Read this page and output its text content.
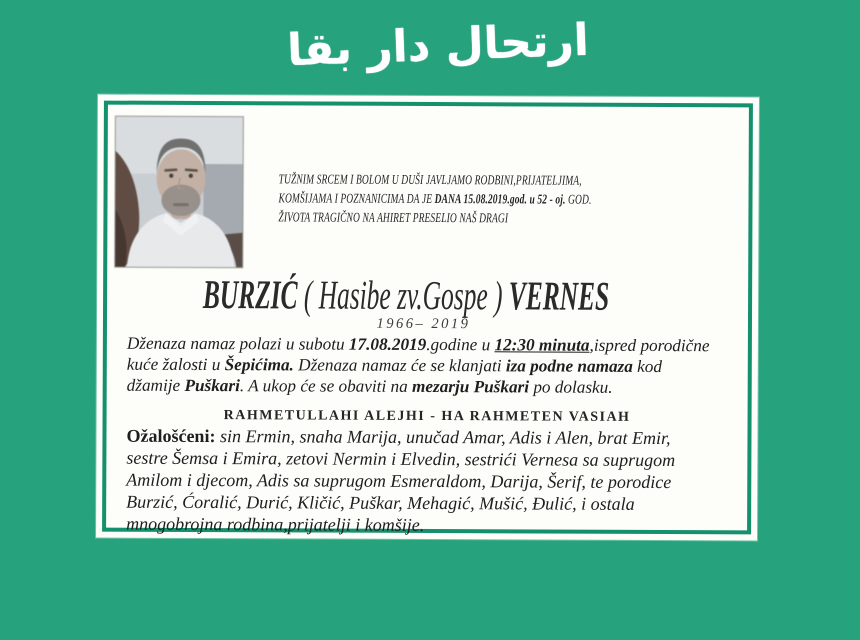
ارتحال دار بقا

TUŽNIM SRCEM I BOLOM U DUŠI JAVLJAMO RODBINI,PRIJATELJIMA,
KOMŠIJAMA I POZNANICIMA DA JE DANA 15.08.2019.god. u 52 - oj. GOD.
ŽIVOTA TRAGIČNO NA AHIRET PRESELIO NAŠ DRAGI

BURZIĆ ( Hasibe zv.Gospe ) VERNES
1966– 2019

Dženaza namaz polazi u subotu 17.08.2019.godine u 12:30 minuta,ispred porodične
kuće žalosti u Šepićima. Dženaza namaz će se klanjati iza podne namaza kod
džamije Puškari. A ukop će se obaviti na mezarju Puškari po dolasku.

RAHMETULLAHI ALEJHI - HA RAHMETEN VASIAH

Ožalošćeni: sin Ermin, snaha Marija, unučad Amar, Adis i Alen, brat Emir,
sestre Šemsa i Emira, zetovi Nermin i Elvedin, sestrići Vernesa sa suprugom
Amilom i djecom, Adis sa suprugom Esmeraldom, Darija, Šerif, te porodice
Burzić, Ćoralić, Durić, Kličić, Puškar, Mehagić, Mušić, Đulić, i ostala
mnogobrojna rodbina,prijatelji i komšije.
